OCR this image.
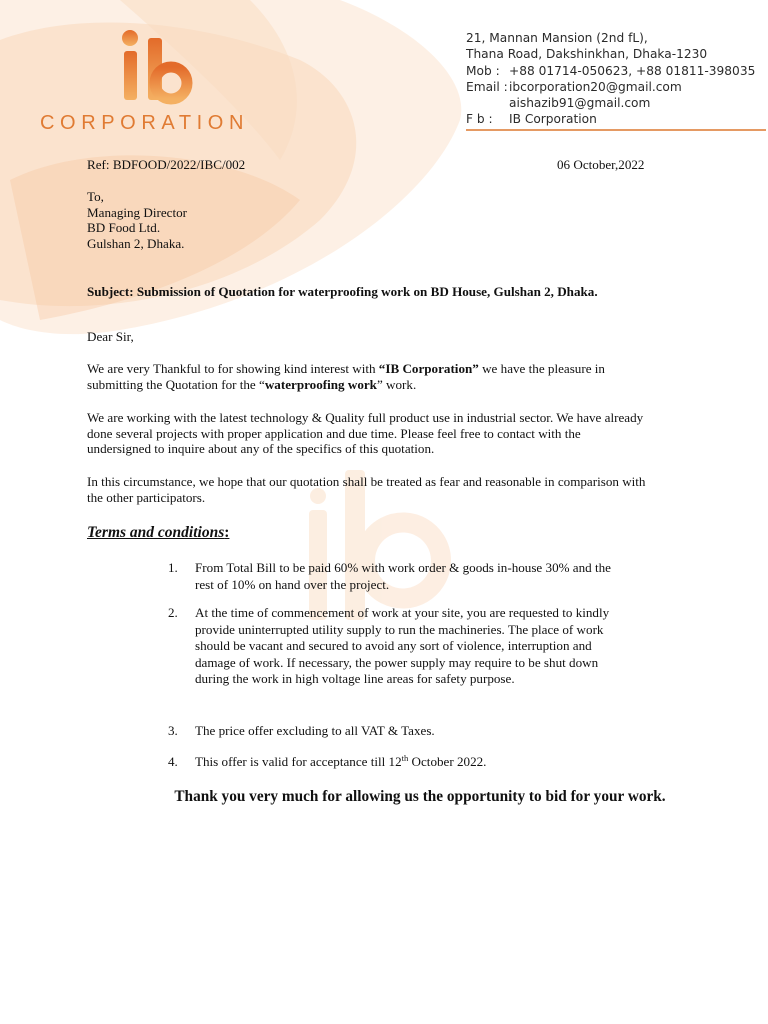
CORPORATION
21, Mannan Mansion (2nd fL),
Thana Road, Dakshinkhan, Dhaka-1230
Mob : +88 01714-050623, +88 01811-398035
Email : ibcorporation20@gmail.com
aishazib91@gmail.com
F b :	IB Corporation
Ref: BDFOOD/2022/IBC/002	06 October,2022
To,
Managing Director
BD Food Ltd.
Gulshan 2, Dhaka.
Subject: Submission of Quotation for waterproofing work on BD House, Gulshan 2, Dhaka.
Dear Sir,
We are very Thankful to for showing kind interest with “IB Corporation” we have the pleasure in submitting the Quotation for the “waterproofing work” work.
We are working with the latest technology & Quality full product use in industrial sector. We have already done several projects with proper application and due time. Please feel free to contact with the undersigned to inquire about any of the specifics of this quotation.
In this circumstance, we hope that our quotation shall be treated as fear and reasonable in comparison with the other participators.
Terms and conditions:
1.	From Total Bill to be paid 60% with work order & goods in-house 30% and the rest of 10% on hand over the project.
2.	At the time of commencement of work at your site, you are requested to kindly provide uninterrupted utility supply to run the machineries. The place of work should be vacant and secured to avoid any sort of violence, interruption and damage of work. If necessary, the power supply may require to be shut down during the work in high voltage line areas for safety purpose.
3.	The price offer excluding to all VAT & Taxes.
4.	This offer is valid for acceptance till 12th October 2022.
Thank you very much for allowing us the opportunity to bid for your work.
